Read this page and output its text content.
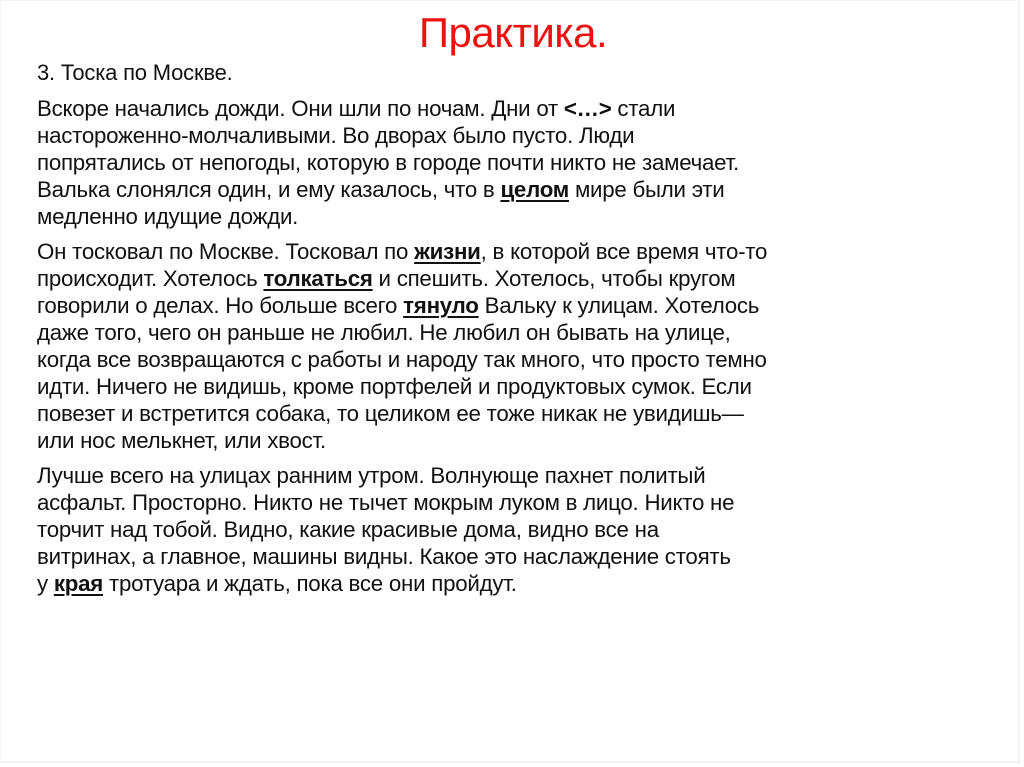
Практика.
3. Тоска по Москве.
Вскоре начались дожди. Они шли по ночам. Дни от <…> стали
настороженно-молчаливыми. Во дворах было пусто. Люди
попрятались от непогоды, которую в городе почти никто не замечает.
Валька слонялся один, и ему казалось, что в целом мире были эти
медленно идущие дожди.
Он тосковал по Москве. Тосковал по жизни, в которой все время что-то
происходит. Хотелось толкаться и спешить. Хотелось, чтобы кругом
говорили о делах. Но больше всего тянуло Вальку к улицам. Хотелось
даже того, чего он раньше не любил. Не любил он бывать на улице,
когда все возвращаются с работы и народу так много, что просто темно
идти. Ничего не видишь, кроме портфелей и продуктовых сумок. Если
повезет и встретится собака, то целиком ее тоже никак не увидишь—
или нос мелькнет, или хвост.
Лучше всего на улицах ранним утром. Волнующе пахнет политый
асфальт. Просторно. Никто не тычет мокрым луком в лицо. Никто не
торчит над тобой. Видно, какие красивые дома, видно все на
витринах, а главное, машины видны. Какое это наслаждение стоять
у края тротуара и ждать, пока все они пройдут.
